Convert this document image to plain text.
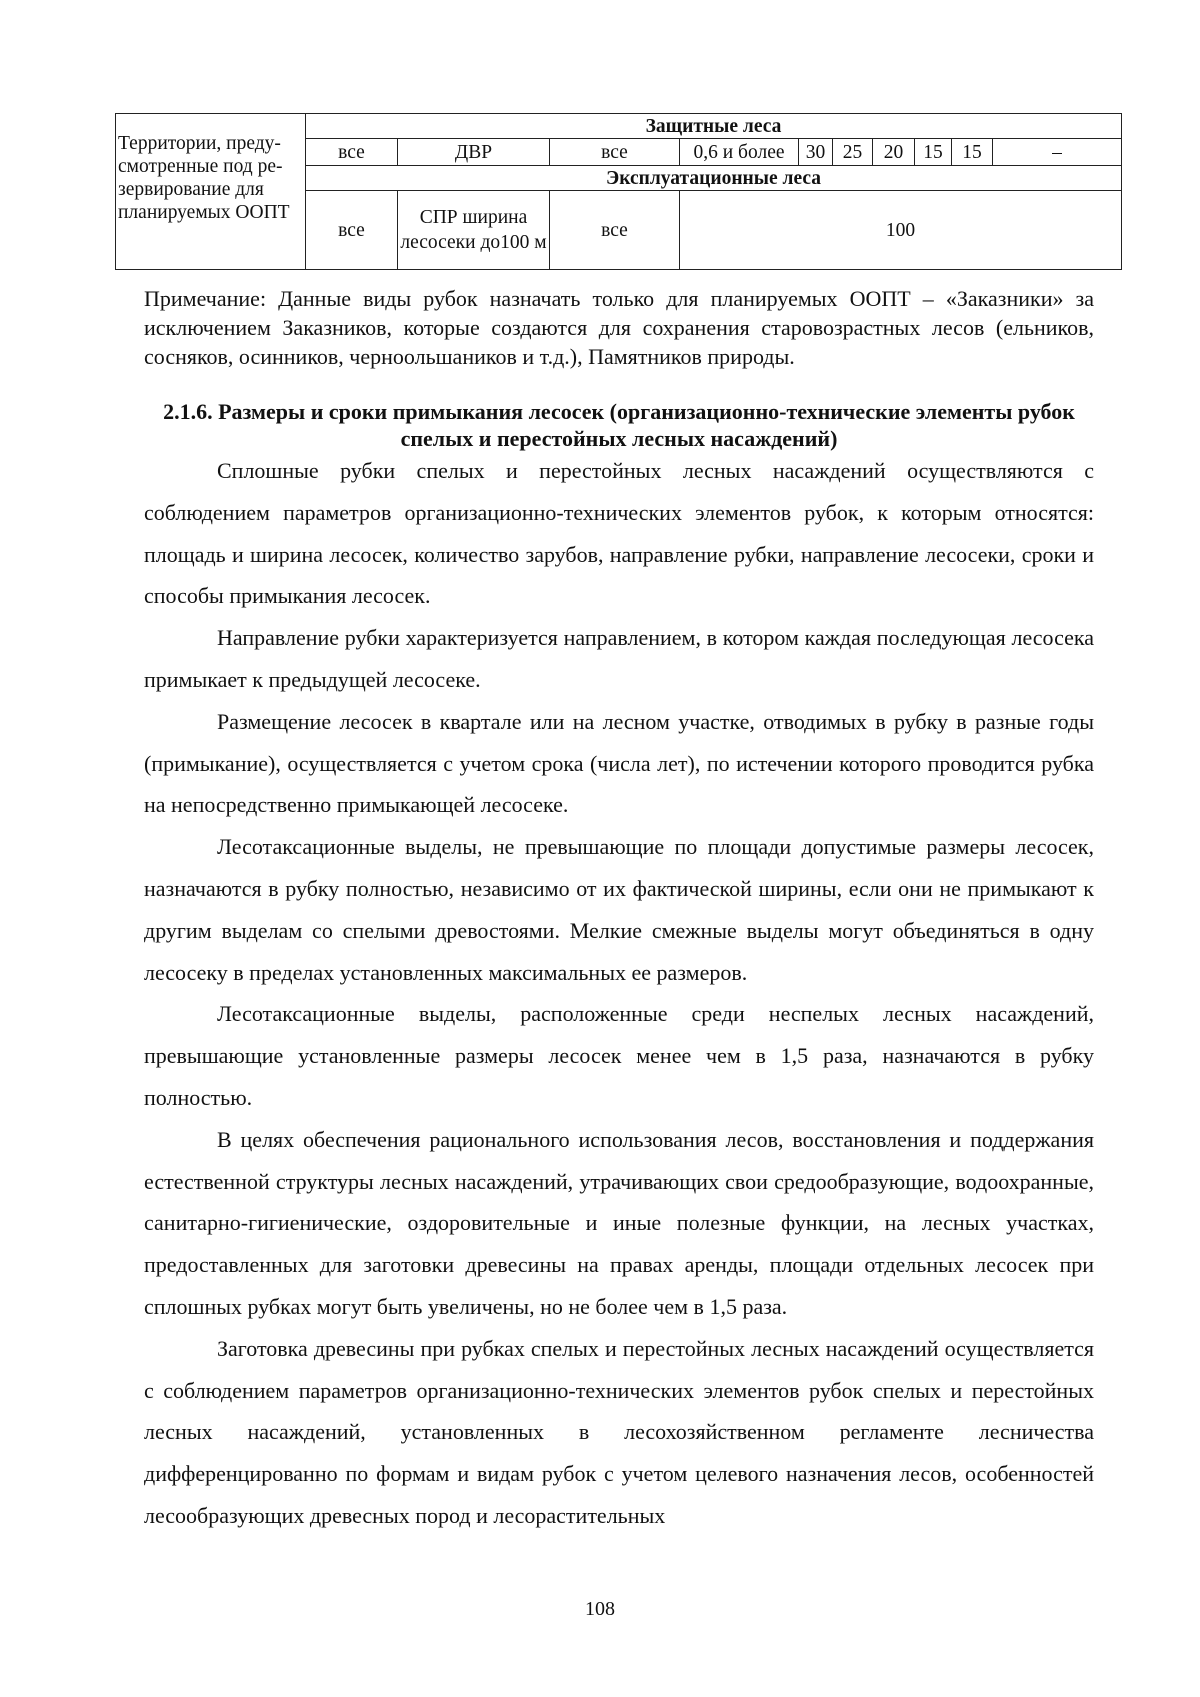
Территории, преду-смотренные под ре-зервирование для планируемых ООПТ	Защитные леса									
	все	ДВР	все	0,6 и более	30	25	20	15	15	–
	Эксплуатационные леса									
	все	СПР ширина лесосеки до100 м	все	100						
Примечание: Данные виды рубок назначать только для планируемых ООПТ – «Заказники» за исключением Заказников, которые создаются для сохранения старовозрастных лесов (ельников, сосняков, осинников, черноольшаников и т.д.), Памятников природы.
2.1.6. Размеры и сроки примыкания лесосек (организационно-технические элементы рубок спелых и перестойных лесных насаждений)

Сплошные рубки спелых и перестойных лесных насаждений осуществляются с соблюдением параметров организационно-технических элементов рубок, к которым относятся: площадь и ширина лесосек, количество зарубов, направление рубки, направление лесосеки, сроки и способы примыкания лесосек.

Направление рубки характеризуется направлением, в котором каждая последующая лесосека примыкает к предыдущей лесосеке.

Размещение лесосек в квартале или на лесном участке, отводимых в рубку в разные годы (примыкание), осуществляется с учетом срока (числа лет), по истечении которого проводится рубка на непосредственно примыкающей лесосеке.

Лесотаксационные выделы, не превышающие по площади допустимые размеры лесосек, назначаются в рубку полностью, независимо от их фактической ширины, если они не примыкают к другим выделам со спелыми древостоями. Мелкие смежные выделы могут объединяться в одну лесосеку в пределах установленных максимальных ее размеров.

Лесотаксационные выделы, расположенные среди неспелых лесных насаждений, превышающие установленные размеры лесосек менее чем в 1,5 раза, назначаются в рубку полностью.

В целях обеспечения рационального использования лесов, восстановления и поддержания естественной структуры лесных насаждений, утрачивающих свои средообразующие, водоохранные, санитарно-гигиенические, оздоровительные и иные полезные функции, на лесных участках, предоставленных для заготовки древесины на правах аренды, площади отдельных лесосек при сплошных рубках могут быть увеличены, но не более чем в 1,5 раза.

Заготовка древесины при рубках спелых и перестойных лесных насаждений осуществляется с соблюдением параметров организационно-технических элементов рубок спелых и перестойных лесных насаждений, установленных в лесохозяйственном регламенте лесничества дифференцированно по формам и видам рубок с учетом целевого назначения лесов, особенностей лесообразующих древесных пород и лесорастительных

108
